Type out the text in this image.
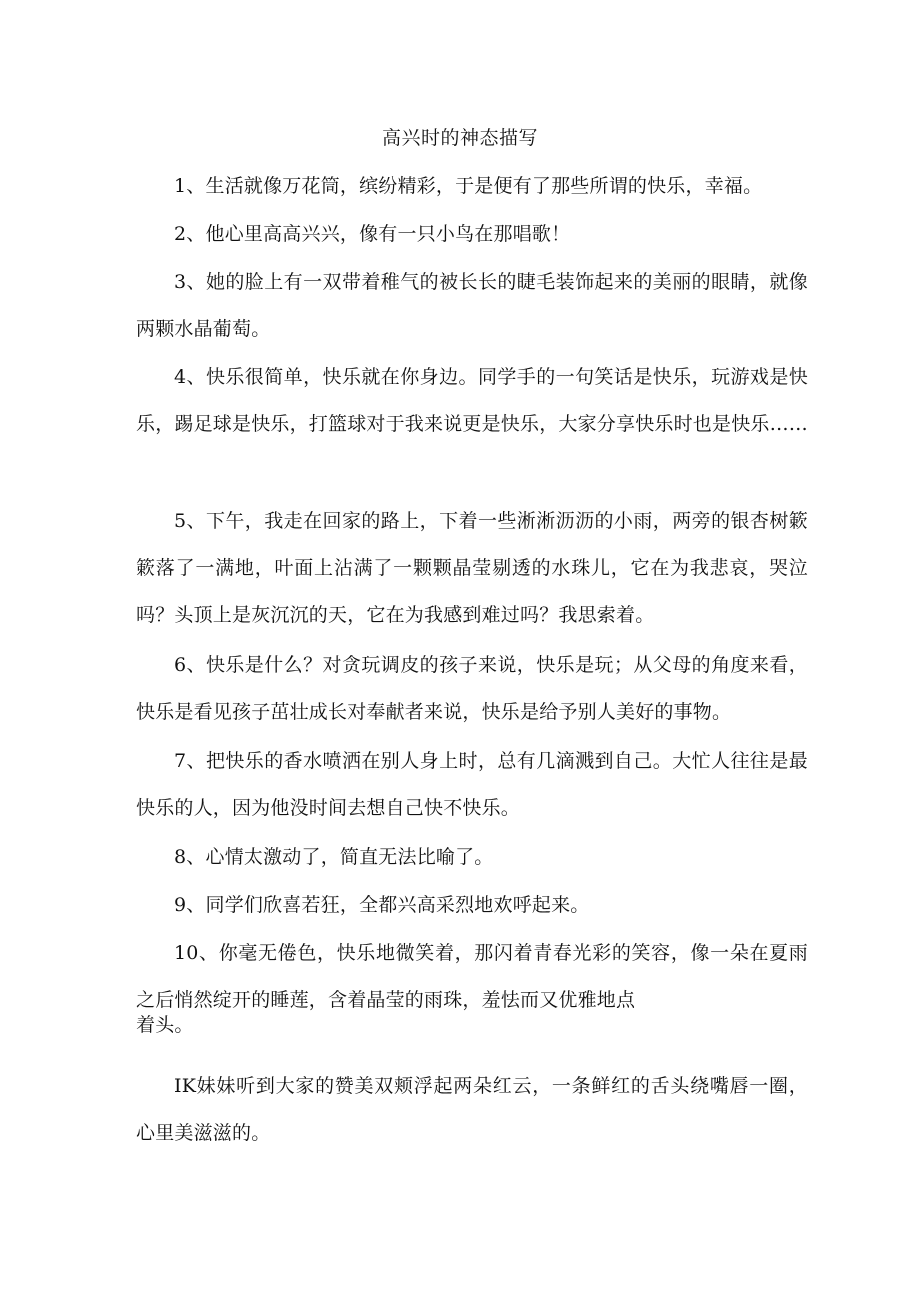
高兴时的神态描写

1、生活就像万花筒，缤纷精彩，于是便有了那些所谓的快乐，幸福。

2、他心里高高兴兴，像有一只小鸟在那唱歌！

3、她的脸上有一双带着稚气的被长长的睫毛装饰起来的美丽的眼睛，就像两颗水晶葡萄。

4、快乐很简单，快乐就在你身边。同学手的一句笑话是快乐，玩游戏是快乐，踢足球是快乐，打篮球对于我来说更是快乐，大家分享快乐时也是快乐……

5、下午，我走在回家的路上，下着一些淅淅沥沥的小雨，两旁的银杏树簌簌落了一满地，叶面上沾满了一颗颗晶莹剔透的水珠儿，它在为我悲哀，哭泣吗？头顶上是灰沉沉的天，它在为我感到难过吗？我思索着。

6、快乐是什么？对贪玩调皮的孩子来说，快乐是玩；从父母的角度来看，快乐是看见孩子茁壮成长对奉献者来说，快乐是给予别人美好的事物。

7、把快乐的香水喷洒在别人身上时，总有几滴溅到自己。大忙人往往是最快乐的人，因为他没时间去想自己快不快乐。

8、心情太激动了，简直无法比喻了。

9、同学们欣喜若狂，全都兴高采烈地欢呼起来。

10、你毫无倦色，快乐地微笑着，那闪着青春光彩的笑容，像一朵在夏雨之后悄然绽开的睡莲，含着晶莹的雨珠，羞怯而又优雅地点
着头。

IK妹妹听到大家的赞美双颊浮起两朵红云，一条鲜红的舌头绕嘴唇一圈，心里美滋滋的。
